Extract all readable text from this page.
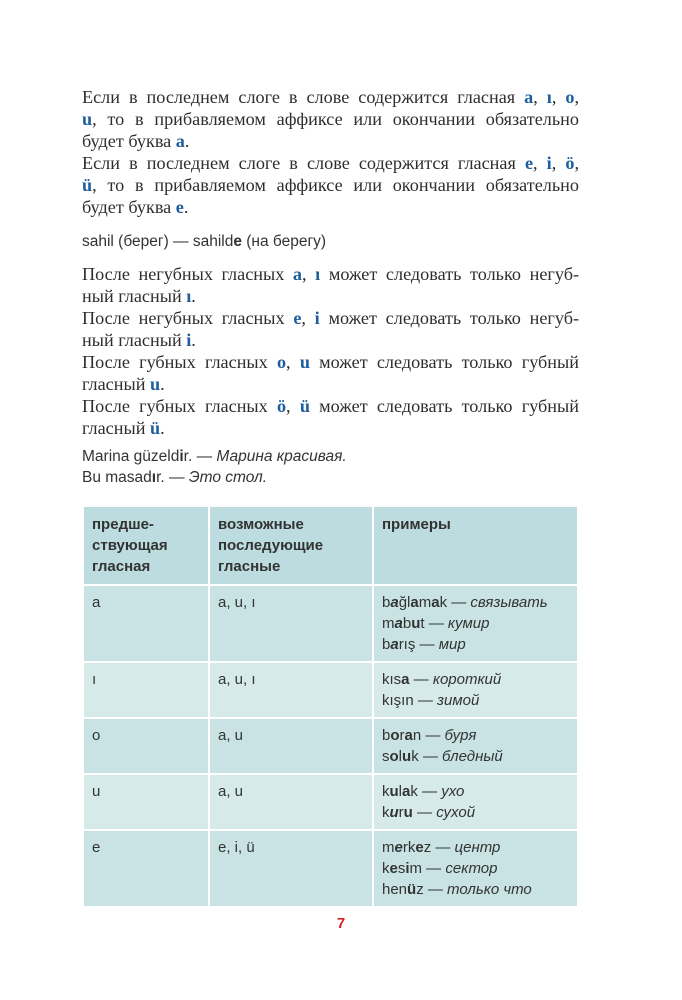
Если в последнем слоге в слове содержится гласная a, ı, o,
u, то в прибавляемом аффиксе или окончании обязательно
будет буква a.
Если в последнем слоге в слове содержится гласная e, i, ö,
ü, то в прибавляемом аффиксе или окончании обязательно
будет буква e.
sahil (берег) — sahilde (на берегу)
После негубных гласных a, ı может следовать только негуб-
ный гласный ı.
После негубных гласных e, i может следовать только негуб-
ный гласный i.
После губных гласных o, u может следовать только губный
гласный u.
После губных гласных ö, ü может следовать только губный
гласный ü.
Marina güzeldir. — Марина красивая.
Bu masadır. — Это стол.
предше-
ствующая
гласная	возможные
последующие
гласные	примеры
a	a, u, ı	bağlamak — связывать
mabut — кумир
barış — мир

ı	a, u, ı	kısa — короткий
kışın — зимой

o	a, u	boran — буря
soluk — бледный

u	a, u	kulak — ухо
kuru — сухой

e	e, i, ü	merkez — центр
kesim — сектор
henüz — только что
7
